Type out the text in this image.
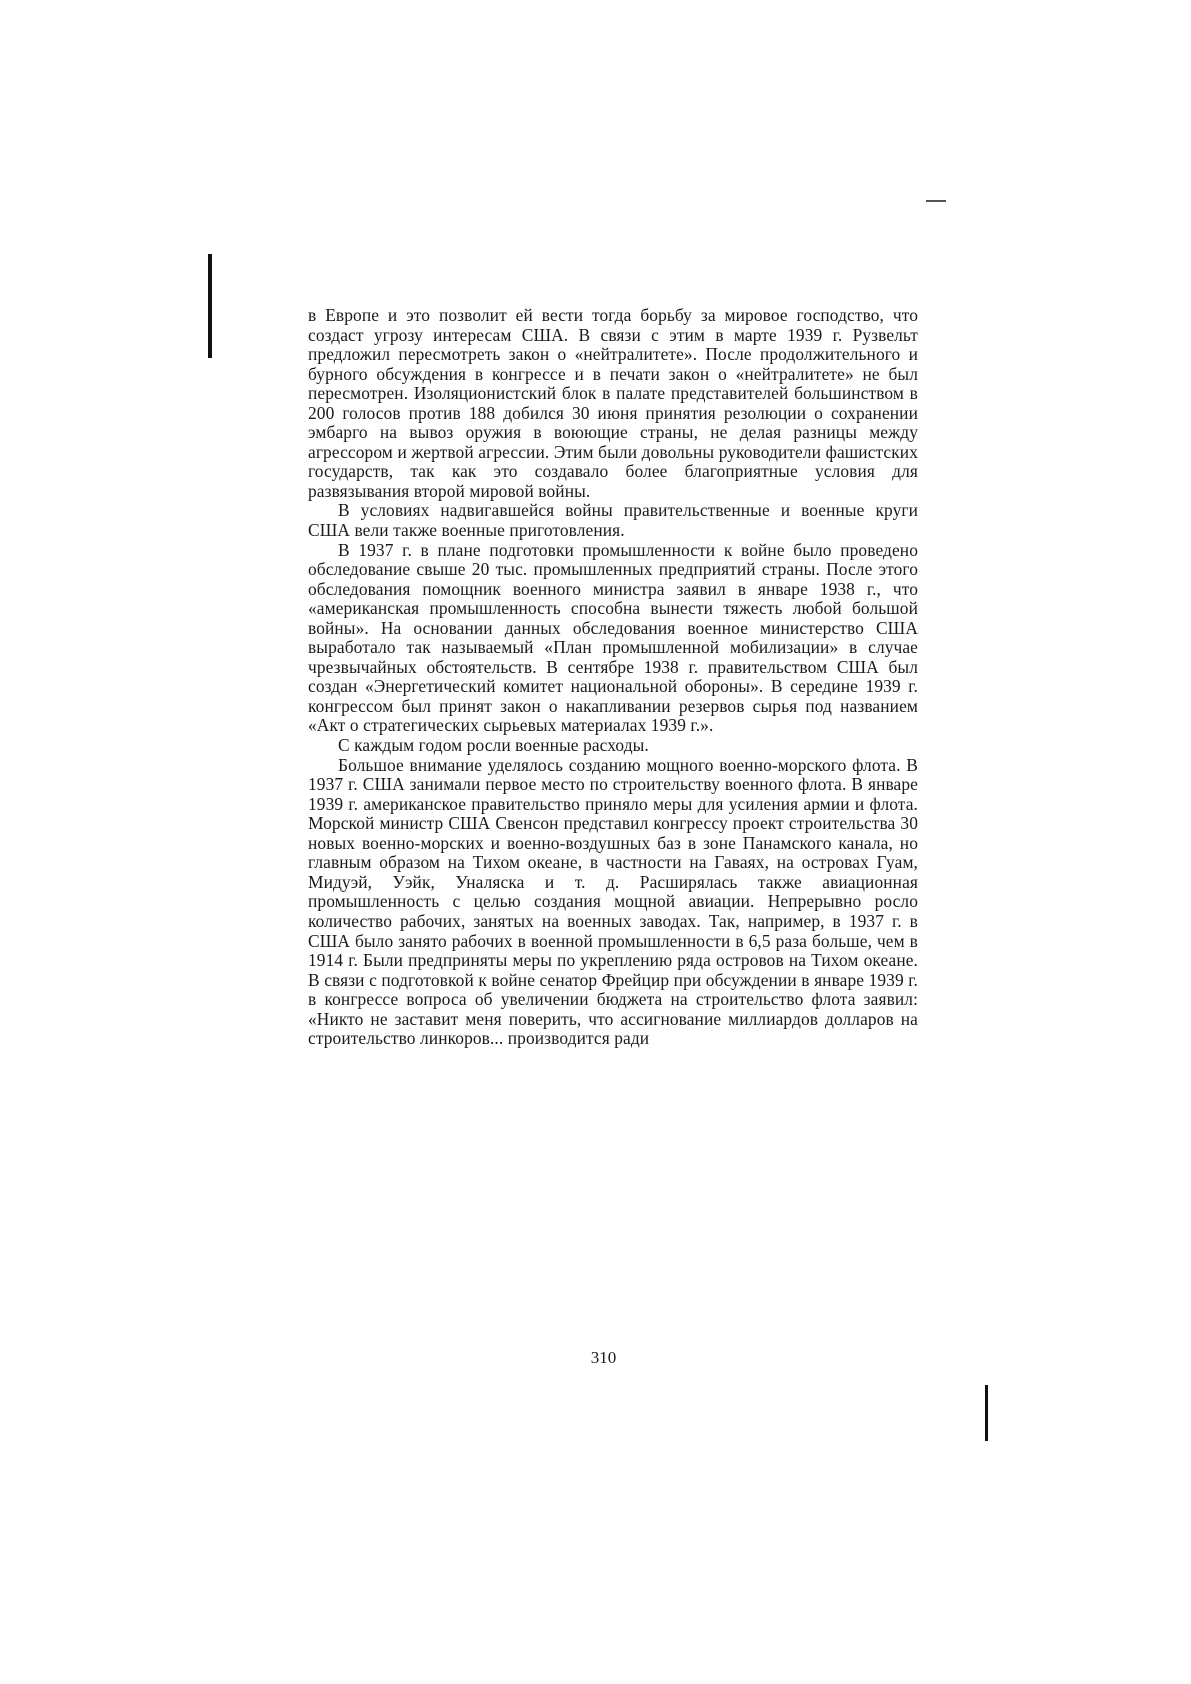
в Европе и это позволит ей вести тогда борьбу за мировое господство, что создаст угрозу интересам США. В связи с этим в марте 1939 г. Рузвельт предложил пересмотреть закон о «нейтралитете». После продолжительного и бурного обсуждения в конгрессе и в печати закон о «нейтралитете» не был пересмотрен. Изоляционистский блок в палате представителей большинством в 200 голосов против 188 добился 30 июня принятия резолюции о сохранении эмбарго на вывоз оружия в воюющие страны, не делая разницы между агрессором и жертвой агрессии. Этим были довольны руководители фашистских государств, так как это создавало более благоприятные условия для развязывания второй мировой войны.

В условиях надвигавшейся войны правительственные и военные круги США вели также военные приготовления.

В 1937 г. в плане подготовки промышленности к войне было проведено обследование свыше 20 тыс. промышленных предприятий страны. После этого обследования помощник военного министра заявил в январе 1938 г., что «американская промышленность способна вынести тяжесть любой большой войны». На основании данных обследования военное министерство США выработало так называемый «План промышленной мобилизации» в случае чрезвычайных обстоятельств. В сентябре 1938 г. правительством США был создан «Энергетический комитет национальной обороны». В середине 1939 г. конгрессом был принят закон о накапливании резервов сырья под названием «Акт о стратегических сырьевых материалах 1939 г.».

С каждым годом росли военные расходы.

Большое внимание уделялось созданию мощного военно-морского флота. В 1937 г. США занимали первое место по строительству военного флота. В январе 1939 г. американское правительство приняло меры для усиления армии и флота. Морской министр США Свенсон представил конгрессу проект строительства 30 новых военно-морских и военно-воздушных баз в зоне Панамского канала, но главным образом на Тихом океане, в частности на Гаваях, на островах Гуам, Мидуэй, Уэйк, Уналяска и т. д. Расширялась также авиационная промышленность с целью создания мощной авиации. Непрерывно росло количество рабочих, занятых на военных заводах. Так, например, в 1937 г. в США было занято рабочих в военной промышленности в 6,5 раза больше, чем в 1914 г. Были предприняты меры по укреплению ряда островов на Тихом океане. В связи с подготовкой к войне сенатор Фрейцир при обсуждении в январе 1939 г. в конгрессе вопроса об увеличении бюджета на строительство флота заявил: «Никто не заставит меня поверить, что ассигнование миллиардов долларов на строительство линкоров... производится ради

310
